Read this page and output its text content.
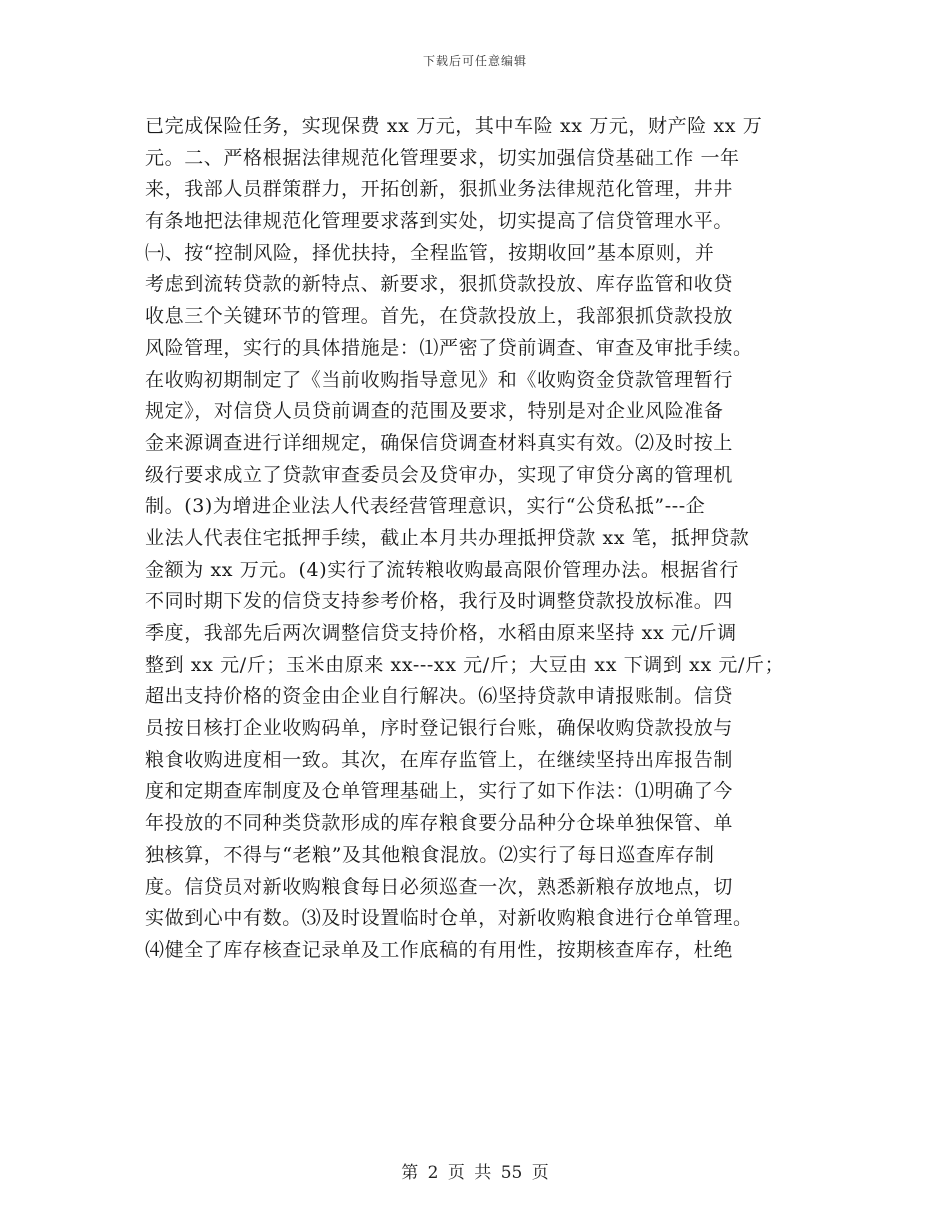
下载后可任意编辑
已完成保险任务，实现保费 xx 万元，其中车险 xx 万元，财产险 xx 万
元。二、严格根据法律规范化管理要求，切实加强信贷基础工作 一年
来，我部人员群策群力，开拓创新，狠抓业务法律规范化管理，井井
有条地把法律规范化管理要求落到实处，切实提高了信贷管理水平。
㈠、按“控制风险，择优扶持，全程监管，按期收回”基本原则，并
考虑到流转贷款的新特点、新要求，狠抓贷款投放、库存监管和收贷
收息三个关键环节的管理。首先，在贷款投放上，我部狠抓贷款投放
风险管理，实行的具体措施是：⑴严密了贷前调查、审查及审批手续。
在收购初期制定了《当前收购指导意见》和《收购资金贷款管理暂行
规定》，对信贷人员贷前调查的范围及要求，特别是对企业风险准备
金来源调查进行详细规定，确保信贷调查材料真实有效。⑵及时按上
级行要求成立了贷款审查委员会及贷审办，实现了审贷分离的管理机
制。(3)为增进企业法人代表经营管理意识，实行“公贷私抵”---企
业法人代表住宅抵押手续，截止本月共办理抵押贷款 xx 笔，抵押贷款
金额为 xx 万元。(4)实行了流转粮收购最高限价管理办法。根据省行
不同时期下发的信贷支持参考价格，我行及时调整贷款投放标准。四
季度，我部先后两次调整信贷支持价格，水稻由原来坚持 xx 元/斤调
整到 xx 元/斤；玉米由原来 xx---xx 元/斤；大豆由 xx 下调到 xx 元/斤；
超出支持价格的资金由企业自行解决。⑹坚持贷款申请报账制。信贷
员按日核打企业收购码单，序时登记银行台账，确保收购贷款投放与
粮食收购进度相一致。其次，在库存监管上，在继续坚持出库报告制
度和定期查库制度及仓单管理基础上，实行了如下作法：⑴明确了今
年投放的不同种类贷款形成的库存粮食要分品种分仓垛单独保管、单
独核算，不得与“老粮”及其他粮食混放。⑵实行了每日巡查库存制
度。信贷员对新收购粮食每日必须巡查一次，熟悉新粮存放地点，切
实做到心中有数。⑶及时设置临时仓单，对新收购粮食进行仓单管理。
⑷健全了库存核查记录单及工作底稿的有用性，按期核查库存，杜绝
第 2 页 共 55 页
